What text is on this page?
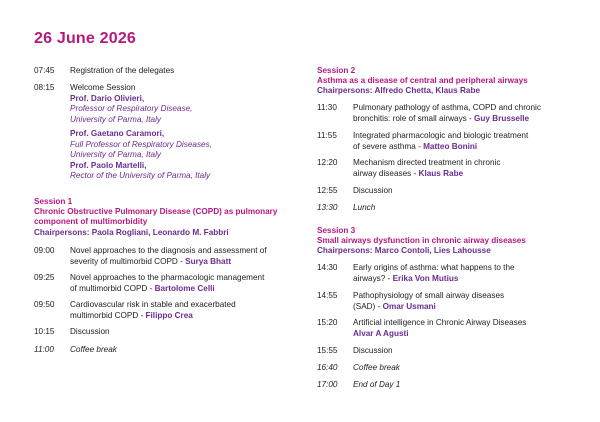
26 June 2026
07:45	Registration of the delegates
08:15	Welcome Session
Prof. Dario Olivieri,
Professor of Respiratory Disease,
University of Parma, Italy
Prof. Gaetano Caramori,
Full Professor of Respiratory Diseases,
University of Parma, Italy
Prof. Paolo Martelli,
Rector of the University of Parma, Italy
Session 1
Chronic Obstructive Pulmonary Disease (COPD) as pulmonary
component of multimorbidity
Chairpersons: Paola Rogliani, Leonardo M. Fabbri
09:00	Novel approaches to the diagnosis and assessment of
severity of multimorbid COPD - Surya Bhatt
09:25	Novel approaches to the pharmacologic management
of multimorbid COPD - Bartolome Celli
09:50	Cardiovascular risk in stable and exacerbated
multimorbid COPD - Filippo Crea
10:15	Discussion
11:00	Coffee break
Session 2
Asthma as a disease of central and peripheral airways
Chairpersons: Alfredo Chetta, Klaus Rabe
11:30	Pulmonary pathology of asthma, COPD and chronic
bronchitis: role of small airways - Guy Brusselle
11:55	Integrated pharmacologic and biologic treatment
of severe asthma - Matteo Bonini
12:20	Mechanism directed treatment in chronic
airway diseases - Klaus Rabe
12:55	Discussion
13:30	Lunch
Session 3
Small airways dysfunction in chronic airway diseases
Chairpersons: Marco Contoli, Lies Lahousse
14:30	Early origins of asthma: what happens to the
airways? - Erika Von Mutius
14:55	Pathophysiology of small airway diseases
(SAD) - Omar Usmani
15:20	Artificial intelligence in Chronic Airway Diseases
Alvar A Agusti
15:55	Discussion
16:40	Coffee break
17:00	End of Day 1
